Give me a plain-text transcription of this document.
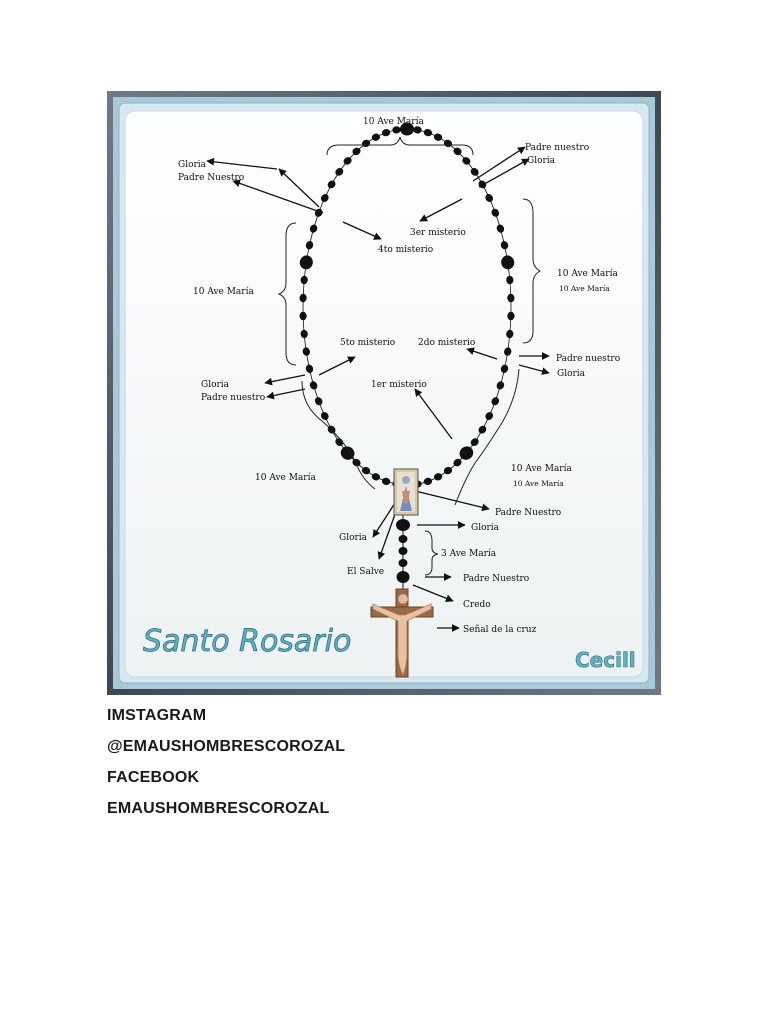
10 Ave María
Gloria
Padre Nuestro
Padre nuestro
Gloria
3er misterio
4to misterio
10 Ave María
10 Ave María
10 Ave María
5to misterio	2do misterio
Padre nuestro
Gloria
Gloria
Padre nuestro
1er misterio
10 Ave María
10 Ave María
10 Ave María
Padre Nuestro
Gloria
Gloria
3 Ave María
El Salve
Padre Nuestro
Credo
Señal de la cruz
Santo Rosario
Cecill
IMSTAGRAM
@EMAUSHOMBRESCOROZAL
FACEBOOK
EMAUSHOMBRESCOROZAL
